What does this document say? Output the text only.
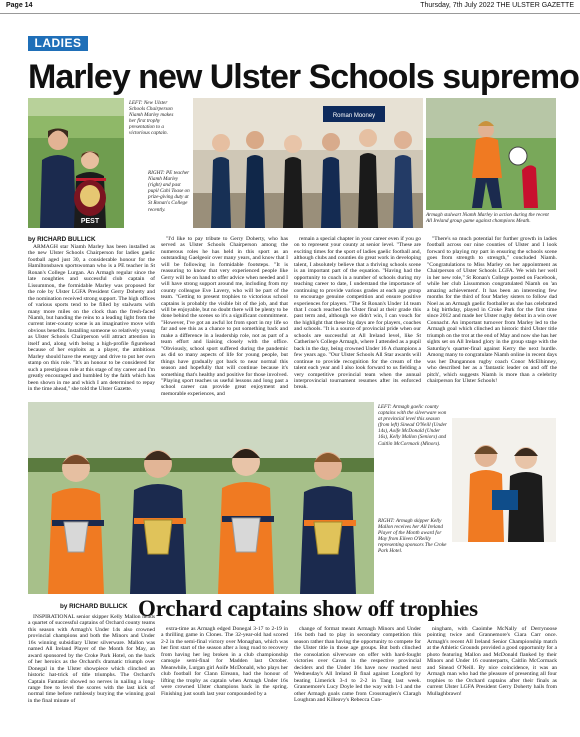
Page 14	Thursday, 7th July 2022 THE ULSTER GAZETTE
LADIES
Marley new Ulster Schools supremo
PEST
LEFT: New Ulster Schools Chairperson Niamh Marley makes her first trophy presentation to a victorious captain.
RIGHT: PE teacher Niamh Marley (right) and past pupil Cahi Toase on prize-giving duty at St Ronan's College recently.
Roman Mooney
Armagh stalwart Niamh Marley in action during the recent All Ireland group game against champions Meath.
by RICHARD BULLICK

ARMAGH star Niamh Marley has been installed as the new Ulster Schools Chairperson for ladies gaelic football aged just 30, a considerable honour for the Hamiltonsbawn sportswoman who is a PE teacher in St Ronan's College Lurgan. An Armagh regular since the late noughties and successful club captain of Lissummon, the formidable Marley was proposed for the role by Ulster LGFA President Gerry Doherty and the nomination received strong support. The high offices of various sports tend to be filled by stalwarts with many more miles on the clock than the fresh-faced Niamh, but handing the reins to a leading light from the current inter-county scene is an imaginative move with obvious benefits. Installing someone so relatively young as Ulster Schools Chairperson will attract attention in itself and, along with being a high-profile figurehead because of her exploits as a player, the ambitious Marley should have the energy and drive to put her own stamp on this role. "It's an honour to be considered for such a prestigious role at this stage of my career and I'm greatly encouraged and humbled by the faith which has been shown in me and which I am determined to repay in the time ahead," she told the Ulster Gazette.

"I'd like to pay tribute to Gerry Doherty, who has served as Ulster Schools Chairperson among the numerous roles he has held in this sport as an outstanding Gaelgeoir over many years, and know that I will be following in formidable footsteps. "It is reassuring to know that very experienced people like Gerry will be on hand to offer advice when needed and I will have strong support around me, including from my county colleague Eve Lavery, who will be part of the team. "Getting to present trophies to victorious school captains is probably the visible bit of the job, and that will be enjoyable, but no doubt there will be plenty to be done behind the scenes so it's a significant commitment. "However, I've got an awful lot from sport in my life so far and see this as a chance to put something back and make a difference in a leadership role, not as part of a team effort and liaising closely with the office. "Obviously, school sport suffered during the pandemic as did so many aspects of life for young people, but things have gradually got back to near normal this season and hopefully that will continue because it's something that's healthy and positive for those involved. "Playing sport teaches us useful lessons and long past a school career can provide great enjoyment and memorable experiences, and

remain a special chapter in your career even if you go on to represent your county at senior level. "These are exciting times for the sport of ladies gaelic football and, although clubs and counties do great work in developing talent, I absolutely believe that a thriving schools scene is an important part of the equation. "Having had the opportunity to coach in a number of schools during my teaching career to date, I understand the importance of continuing to provide various grades at each age group to encourage genuine competition and ensure positive experiences for players. "The St Ronan's Under 14 team that I coach reached the Ulster final at their grade this past term and, although we didn't win, I can vouch for the highlight that these big days are for players, coaches and schools. "It is a source of provincial pride when our schools are successful at All Ireland level, like St Catherine's College Armagh, where I attended as a pupil back in the day, being crowned Under 16 A champions a few years ago. "Our Ulster Schools All Star awards will continue to provide recognition for the cream of the talent each year and I also look forward to us fielding a very competitive provincial team when the annual interprovincial tournament resumes after its enforced break.

"There's so much potential for further growth in ladies football across our nine counties of Ulster and I look forward to playing my part in ensuring the schools scene goes from strength to strength," concluded Niamh. "Congratulations to Miss Marley on her appointment as Chairperson of Ulster Schools LGFA. We wish her well in her new role," St Ronan's College posted on Facebook, while her club Lissummon congratulated Niamh on 'an amazing achievement'. It has been an interesting few months for the third of four Marley sisters to follow dad Noel as an Armagh gaelic footballer as she has celebrated a big birthday, played in Croke Park for the first time since 2012 and made her Ulster rugby debut in a win over Connacht. An important turnover from Marley led to the Armagh goal which clinched an historic third Ulster title triumph on the trot at the end of May and now she has her sights set on All Ireland glory in the group stage with the Saturday's quarter-final against Kerry the next hurdle. Among many to congratulate Niamh online in recent days was her Dungannon rugby coach Conor McElhinney, who described her as a 'fantastic leader on and off the pitch', which suggests Niamh is more than a celebrity chairperson for Ulster Schools!

LEFT: Armagh gaelic county captains with the silverware won at provincial level this season (from left) Sinead O'Neill (Under 14s), Aoife McDonald (Under 16s), Kelly Mallon (Seniors) and Caitlin McCormack (Minors).
RIGHT: Armagh skipper Kelly Mallon receives her All Ireland Player of the Month award for May from Eileen O'Reilly representing sponsors The Croke Park Hotel.
Orchard captains show off trophies
by RICHARD BULLICK

INSPIRATIONAL senior skipper Kelly Mallon heads a quartet of successful captains of Orchard county teams this season with Armagh's Under 14s also crowned provincial champions and both the Minors and Under 16s winning subsidiary Ulster silverware. Mallon was named All Ireland Player of the Month for May, an award sponsored by the Croke Park Hotel, on the back of her heroics as the Orchard's dramatic triumph over Donegal in the Ulster showpiece which clinched an historic hat-trick of title triumphs. The Orchard's Captain Fantastic showed no nerves in nailing a long-range free to level the scores with the last kick of normal time before ruthlessly burying the winning goal in the final minute of

extra-time as Armagh edged Donegal 3-17 to 2-19 in a thrilling game in Clones. The 32-year-old had scored 2-2 in the semi-final victory over Monaghan, which was her first start of the season after a long road to recovery from having her leg broken in a club championship camogie semi-final for Madden last October. Meanwhile, Lurgan girl Aoife McDonald, who plays her club football for Clann Eireann, had the honour of lifting the trophy as captain when Armagh Under 16s were crowned Ulster champions back in the spring. Finishing just south last year compounded by a

change of format meant Armagh Minors and Under 16s both had to play in secondary competition this season rather than having the opportunity to compete for the Ulster title in those age groups. But both clinched the consolation silverware on offer with hard-fought victories over Cavan in the respective provincial deciders and the Under 16s have now reached next Wednesday's All Ireland B final against Longford by beating Limerick 3-4 to 2-2 in Tang last week. Grannemore's Lucy Doyle led the way with 1-1 and the other Armagh goals came from Crossmaglen's Claragh Loughran and Killeavy's Rebecca Cun-

ningham, with Caoimhe McNally of Derrynoose pointing twice and Grannemore's Ciara Carr once. Armagh's recent All Ireland Senior Championship match at the Athletic Grounds provided a good opportunity for a photo featuring Mallon and McDonald flanked by their Minors and Under 16 counterparts, Caitlin McCormack and Sinead O'Neill. By nice coincidence, it was an Armagh man who had the pleasure of presenting all four trophies to the Orchard captains after their finals as current Ulster LGFA President Gerry Doherty hails from Mullaghbrawn!
